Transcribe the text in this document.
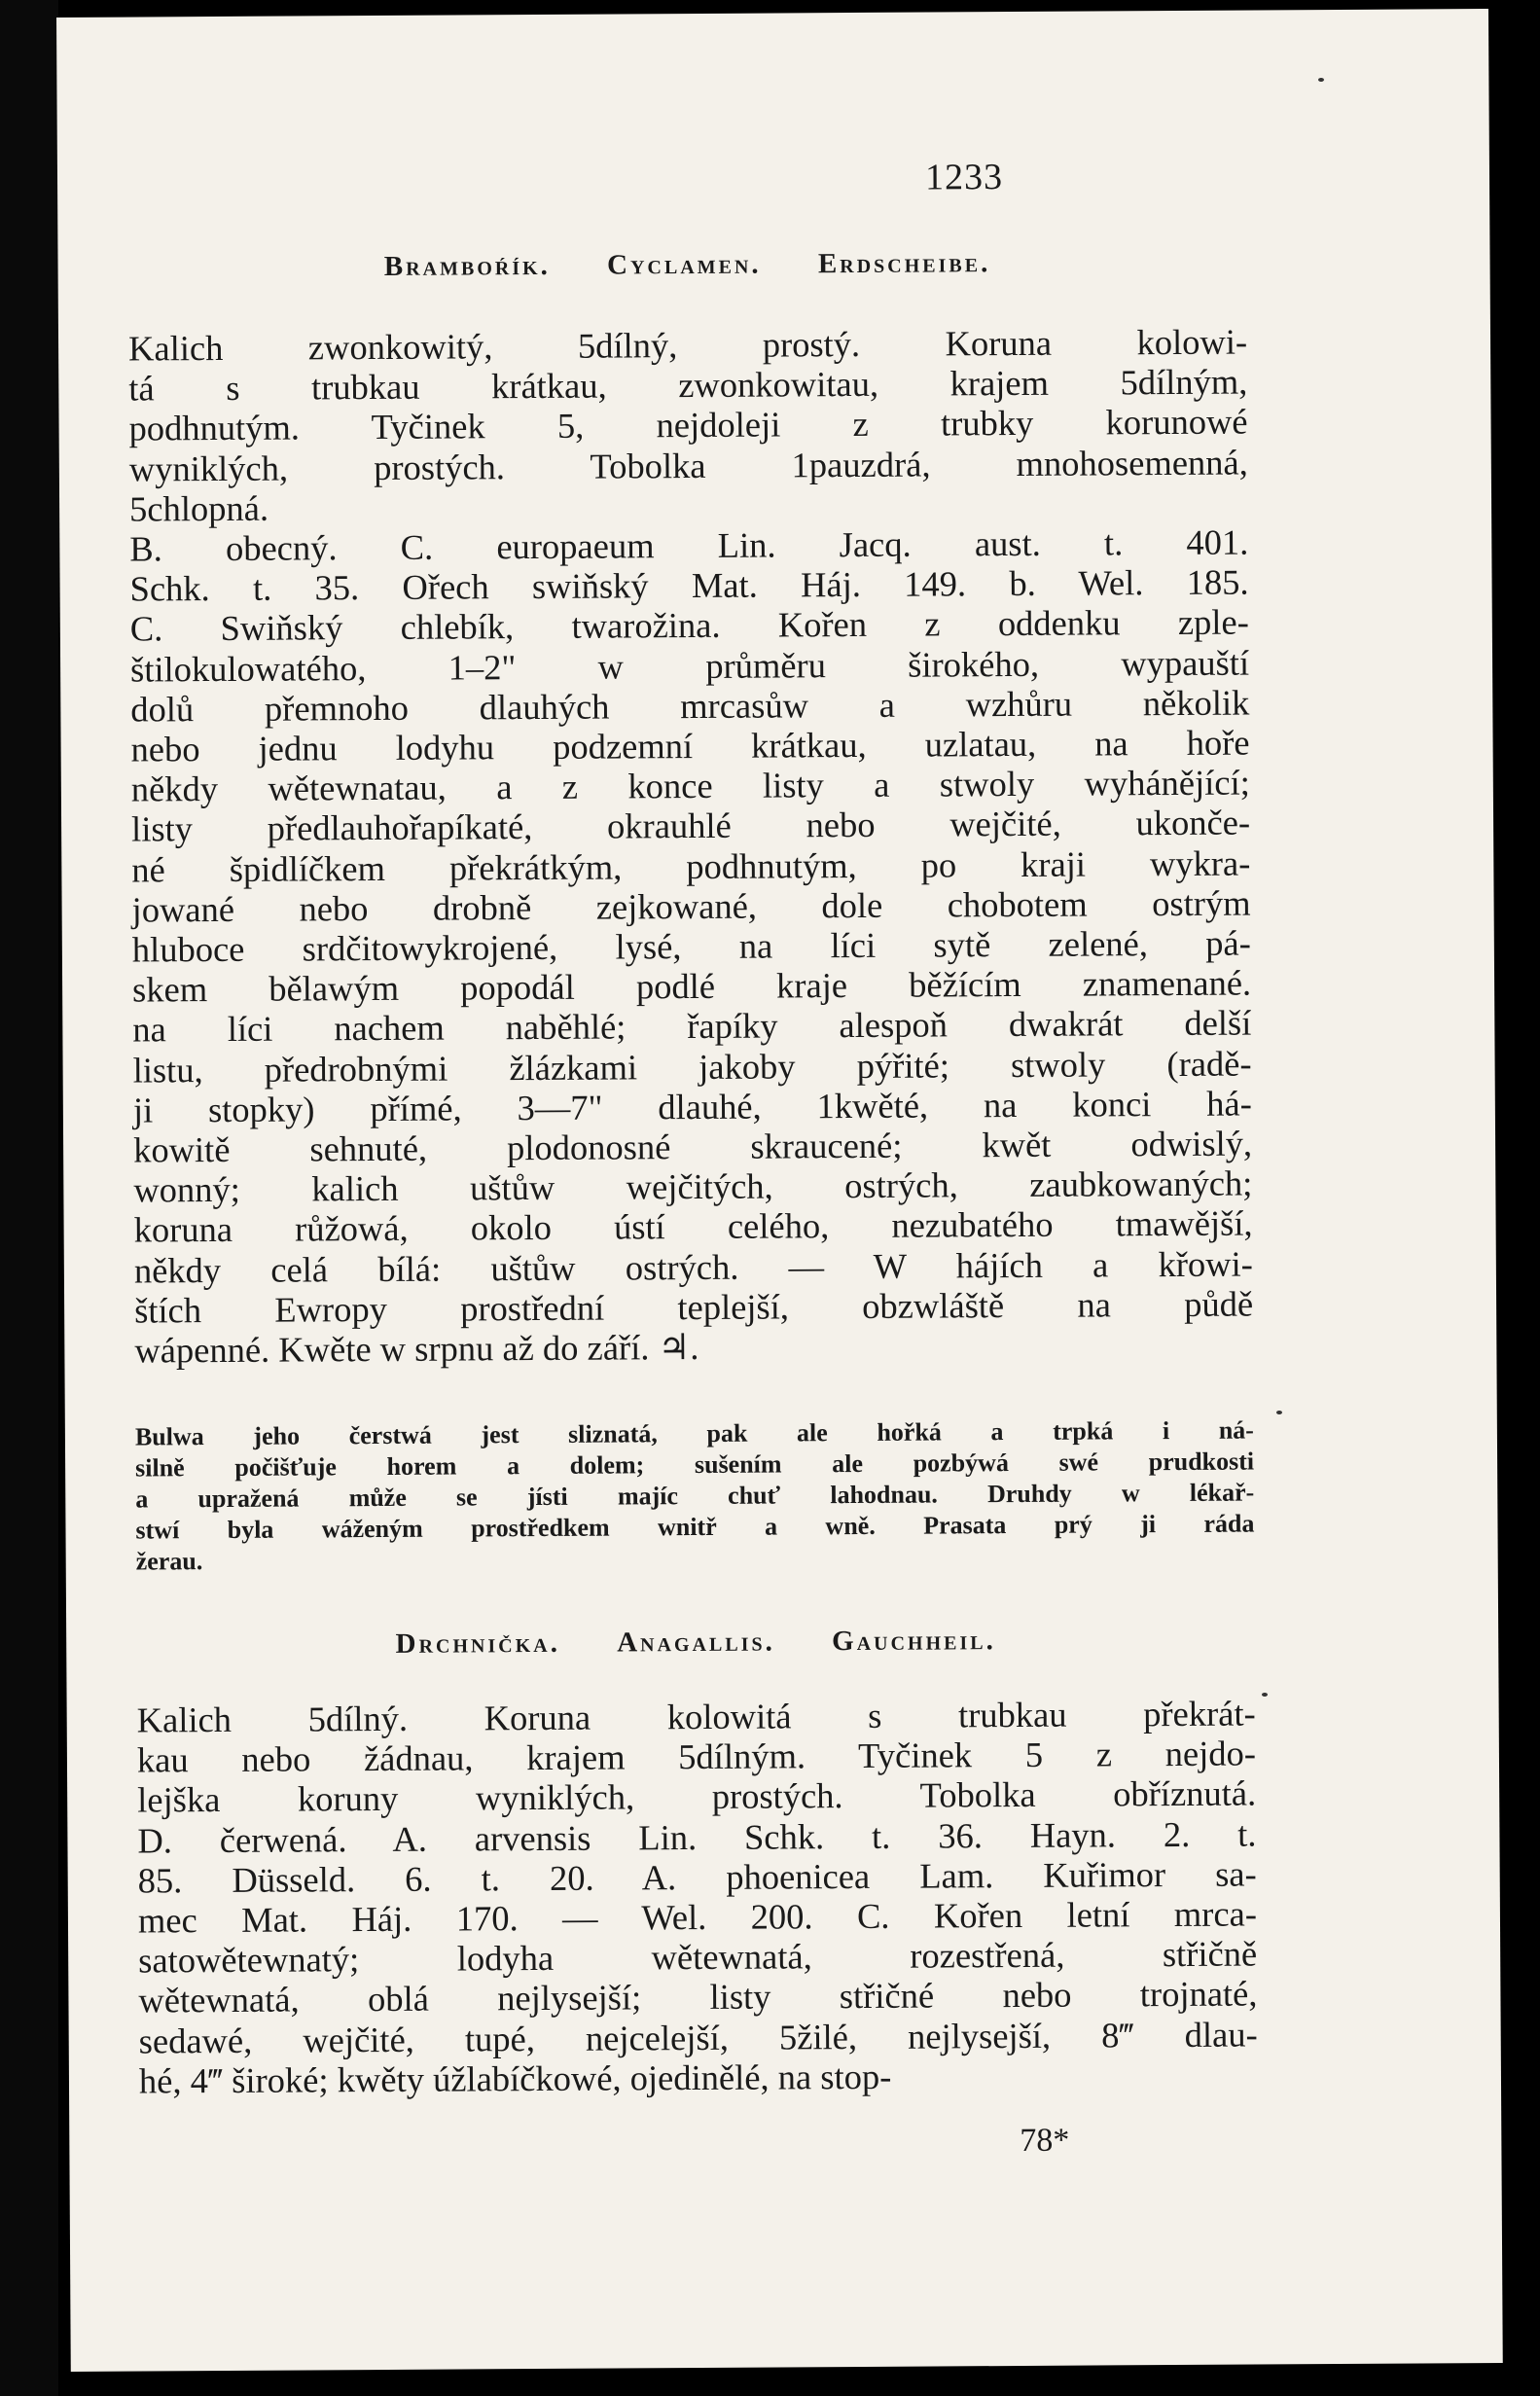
1233
Bramboŕík. Cyclamen. Erdscheibe.
Kalich zwonkowitý, 5dílný, prostý. Koruna kolowi-
tá s trubkau krátkau, zwonkowitau, krajem 5dílným,
podhnutým. Tyčinek 5, nejdoleji z trubky korunowé
wyniklých, prostých. Tobolka 1pauzdrá, mnohosemenná,
5chlopná.
B. obecný. C. europaeum Lin. Jacq. aust. t. 401.
Schk. t. 35. Ořech swiňský Mat. Háj. 149. b. Wel. 185.
C. Swiňský chlebík, twarožina. Kořen z oddenku zple-
štilokulowatého, 1–2" w průměru širokého, wypauští
dolů přemnoho dlauhých mrcasůw a wzhůru několik
nebo jednu lodyhu podzemní krátkau, uzlatau, na hoře
někdy wětewnatau, a z konce listy a stwoly wyhánějící;
listy předlauhořapíkaté, okrauhlé nebo wejčité, ukonče-
né špidlíčkem překrátkým, podhnutým, po kraji wykra-
jowané nebo drobně zejkowané, dole chobotem ostrým
hluboce srdčitowykrojené, lysé, na líci sytě zelené, pá-
skem bělawým popodál podlé kraje běžícím znamenané.
na líci nachem naběhlé; řapíky alespoň dwakrát delší
listu, předrobnými žlázkami jakoby pýřité; stwoly (radě-
ji stopky) přímé, 3—7" dlauhé, 1kwěté, na konci há-
kowitě sehnuté, plodonosné skraucené; kwět odwislý,
wonný; kalich uštůw wejčitých, ostrých, zaubkowaných;
koruna růžowá, okolo ústí celého, nezubatého tmawější,
někdy celá bílá: uštůw ostrých. — W hájích a křowi-
štích Ewropy prostřední teplejší, obzwláště na půdě
wápenné. Kwěte w srpnu až do září. ♃.
Bulwa jeho čerstwá jest sliznatá, pak ale hořká a trpká i ná-
silně počišťuje horem a dolem; sušením ale pozbýwá swé prudkosti
a upražená může se jísti majíc chuť lahodnau. Druhdy w lékař-
stwí byla wáženým prostředkem wnitř a wně. Prasata prý ji ráda
žerau.
Drchnička. Anagallis. Gauchheil.
Kalich 5dílný. Koruna kolowitá s trubkau překrát-
kau nebo žádnau, krajem 5dílným. Tyčinek 5 z nejdo-
lejška koruny wyniklých, prostých. Tobolka obříznutá.
D. čerwená. A. arvensis Lin. Schk. t. 36. Hayn. 2. t.
85. Düsseld. 6. t. 20. A. phoenicea Lam. Kuřimor sa-
mec Mat. Háj. 170. — Wel. 200. C. Kořen letní mrca-
satowětewnatý; lodyha wětewnatá, rozestřená, střičně
wětewnatá, oblá nejlysejší; listy střičné nebo trojnaté,
sedawé, wejčité, tupé, nejcelejší, 5žilé, nejlysejší, 8‴ dlau-
hé, 4‴ široké; kwěty úžlabíčkowé, ojedinělé, na stop-
78*
